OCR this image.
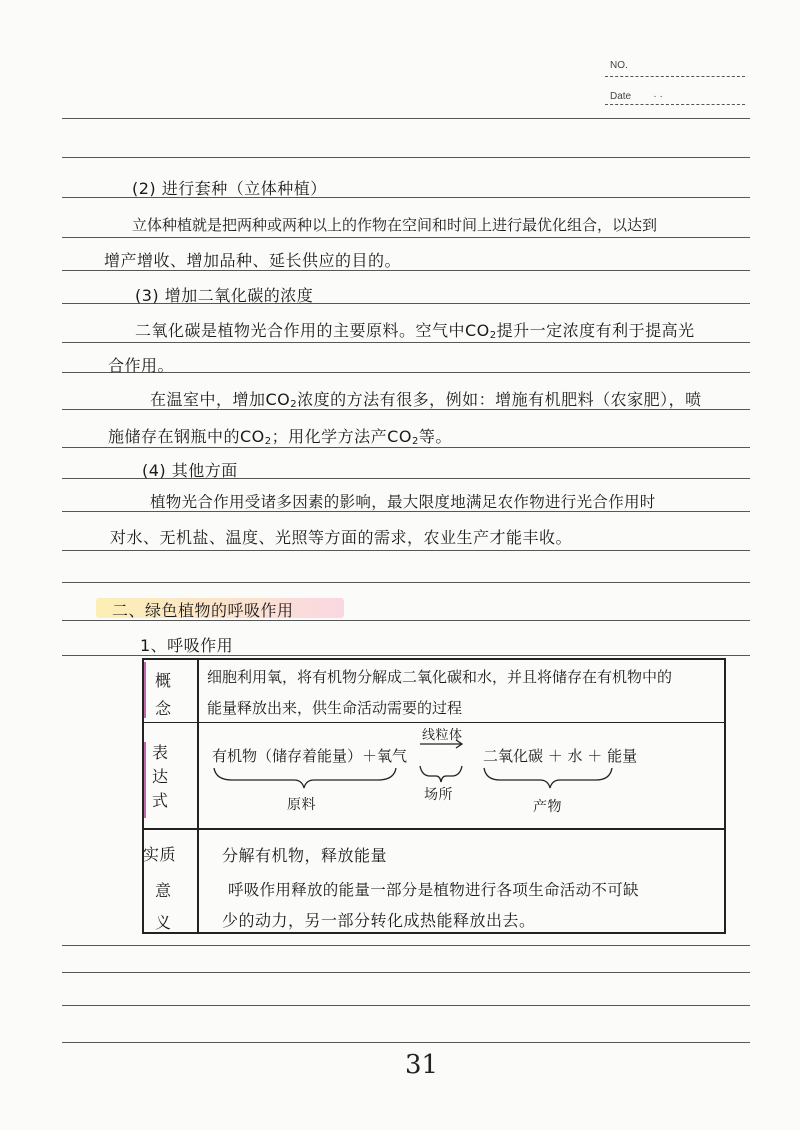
NO.
Date · ·
(2) 进行套种（立体种植）
立体种植就是把两种或两种以上的作物在空间和时间上进行最优化组合，以达到
增产增收、增加品种、延长供应的目的。
(3) 增加二氧化碳的浓度
二氧化碳是植物光合作用的主要原料。空气中$CO_2$提升一定浓度有利于提高光
合作用。
在温室中，增加$CO_2$浓度的方法有很多，例如：增施有机肥料（农家肥），喷
施储存在钢瓶中的$CO_2$；用化学方法产$CO_2$等。
(4) 其他方面
植物光合作用受诸多因素的影响，最大限度地满足农作物进行光合作用时
对水、无机盐、温度、光照等方面的需求，农业生产才能丰收。
二、绿色植物的呼吸作用
1、呼吸作用
概
念
表
达
式
实质
意
义
细胞利用氧，将有机物分解成二氧化碳和水，并且将储存在有机物中的
能量释放出来，供生命活动需要的过程
有机物（储存着能量）＋氧气
线粒体
二氧化碳 ＋ 水 ＋ 能量
原料
场所
产物
分解有机物，释放能量
呼吸作用释放的能量一部分是植物进行各项生命活动不可缺
少的动力，另一部分转化成热能释放出去。
31
